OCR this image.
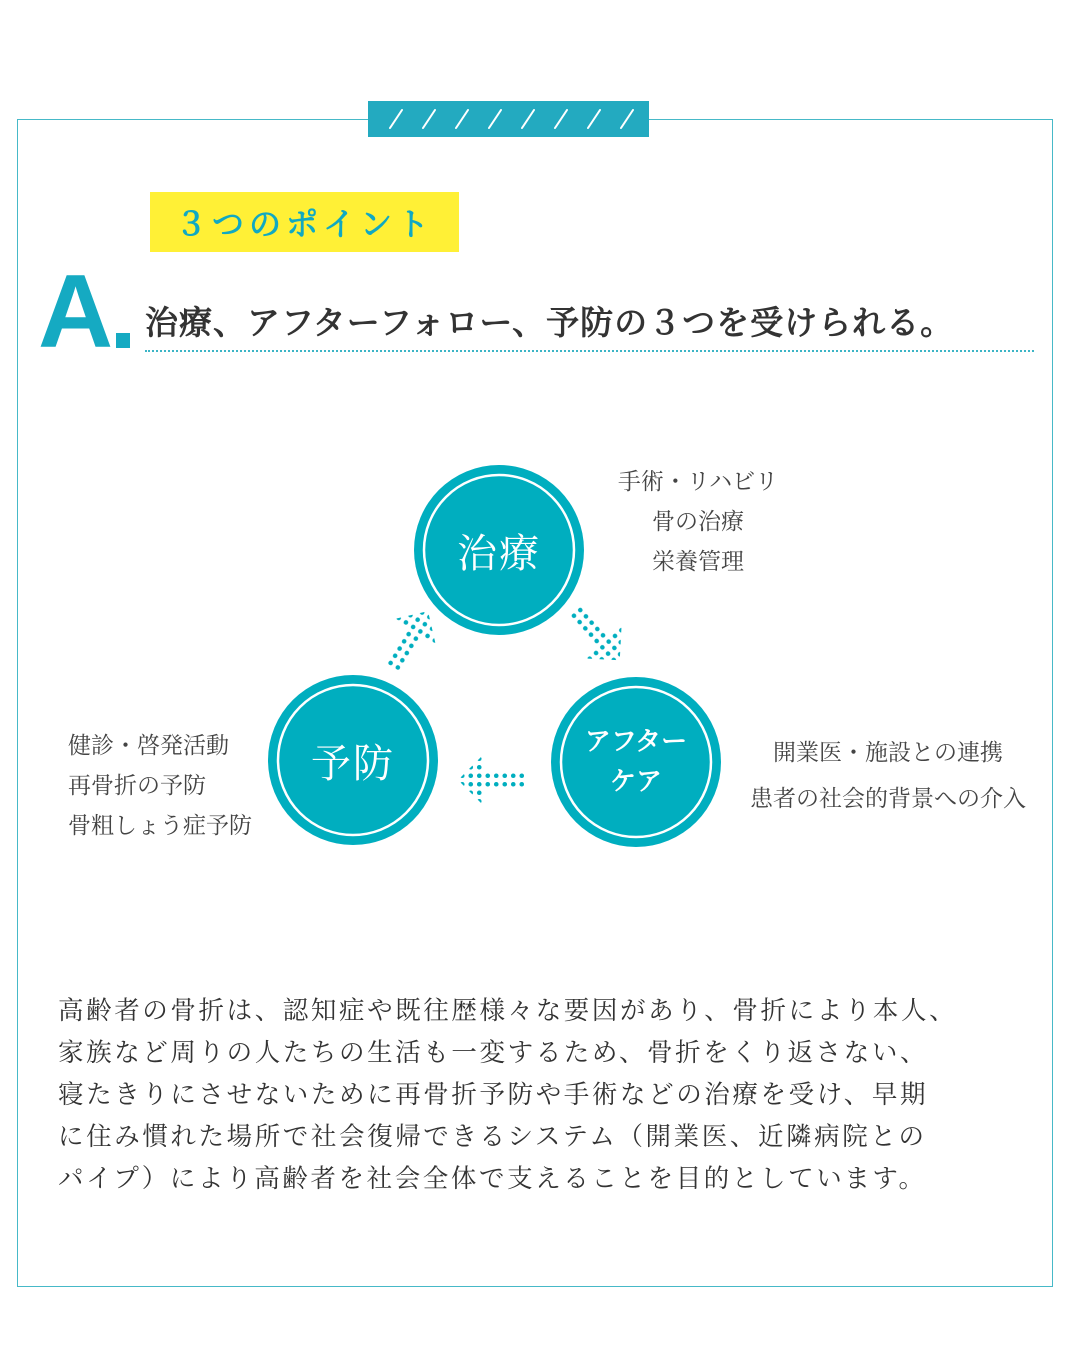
３つのポイント
A 治療、アフターフォロー、予防の３つを受けられる。
治療
予防	アフター
ケア
手術・リハビリ
骨の治療
栄養管理
開業医・施設との連携
患者の社会的背景への介入
健診・啓発活動
再骨折の予防
骨粗しょう症予防
高齢者の骨折は、認知症や既往歴様々な要因があり、骨折により本人、
家族など周りの人たちの生活も一変するため、骨折をくり返さない、
寝たきりにさせないために再骨折予防や手術などの治療を受け、早期
に住み慣れた場所で社会復帰できるシステム（開業医、近隣病院との
パイプ）により高齢者を社会全体で支えることを目的としています。
